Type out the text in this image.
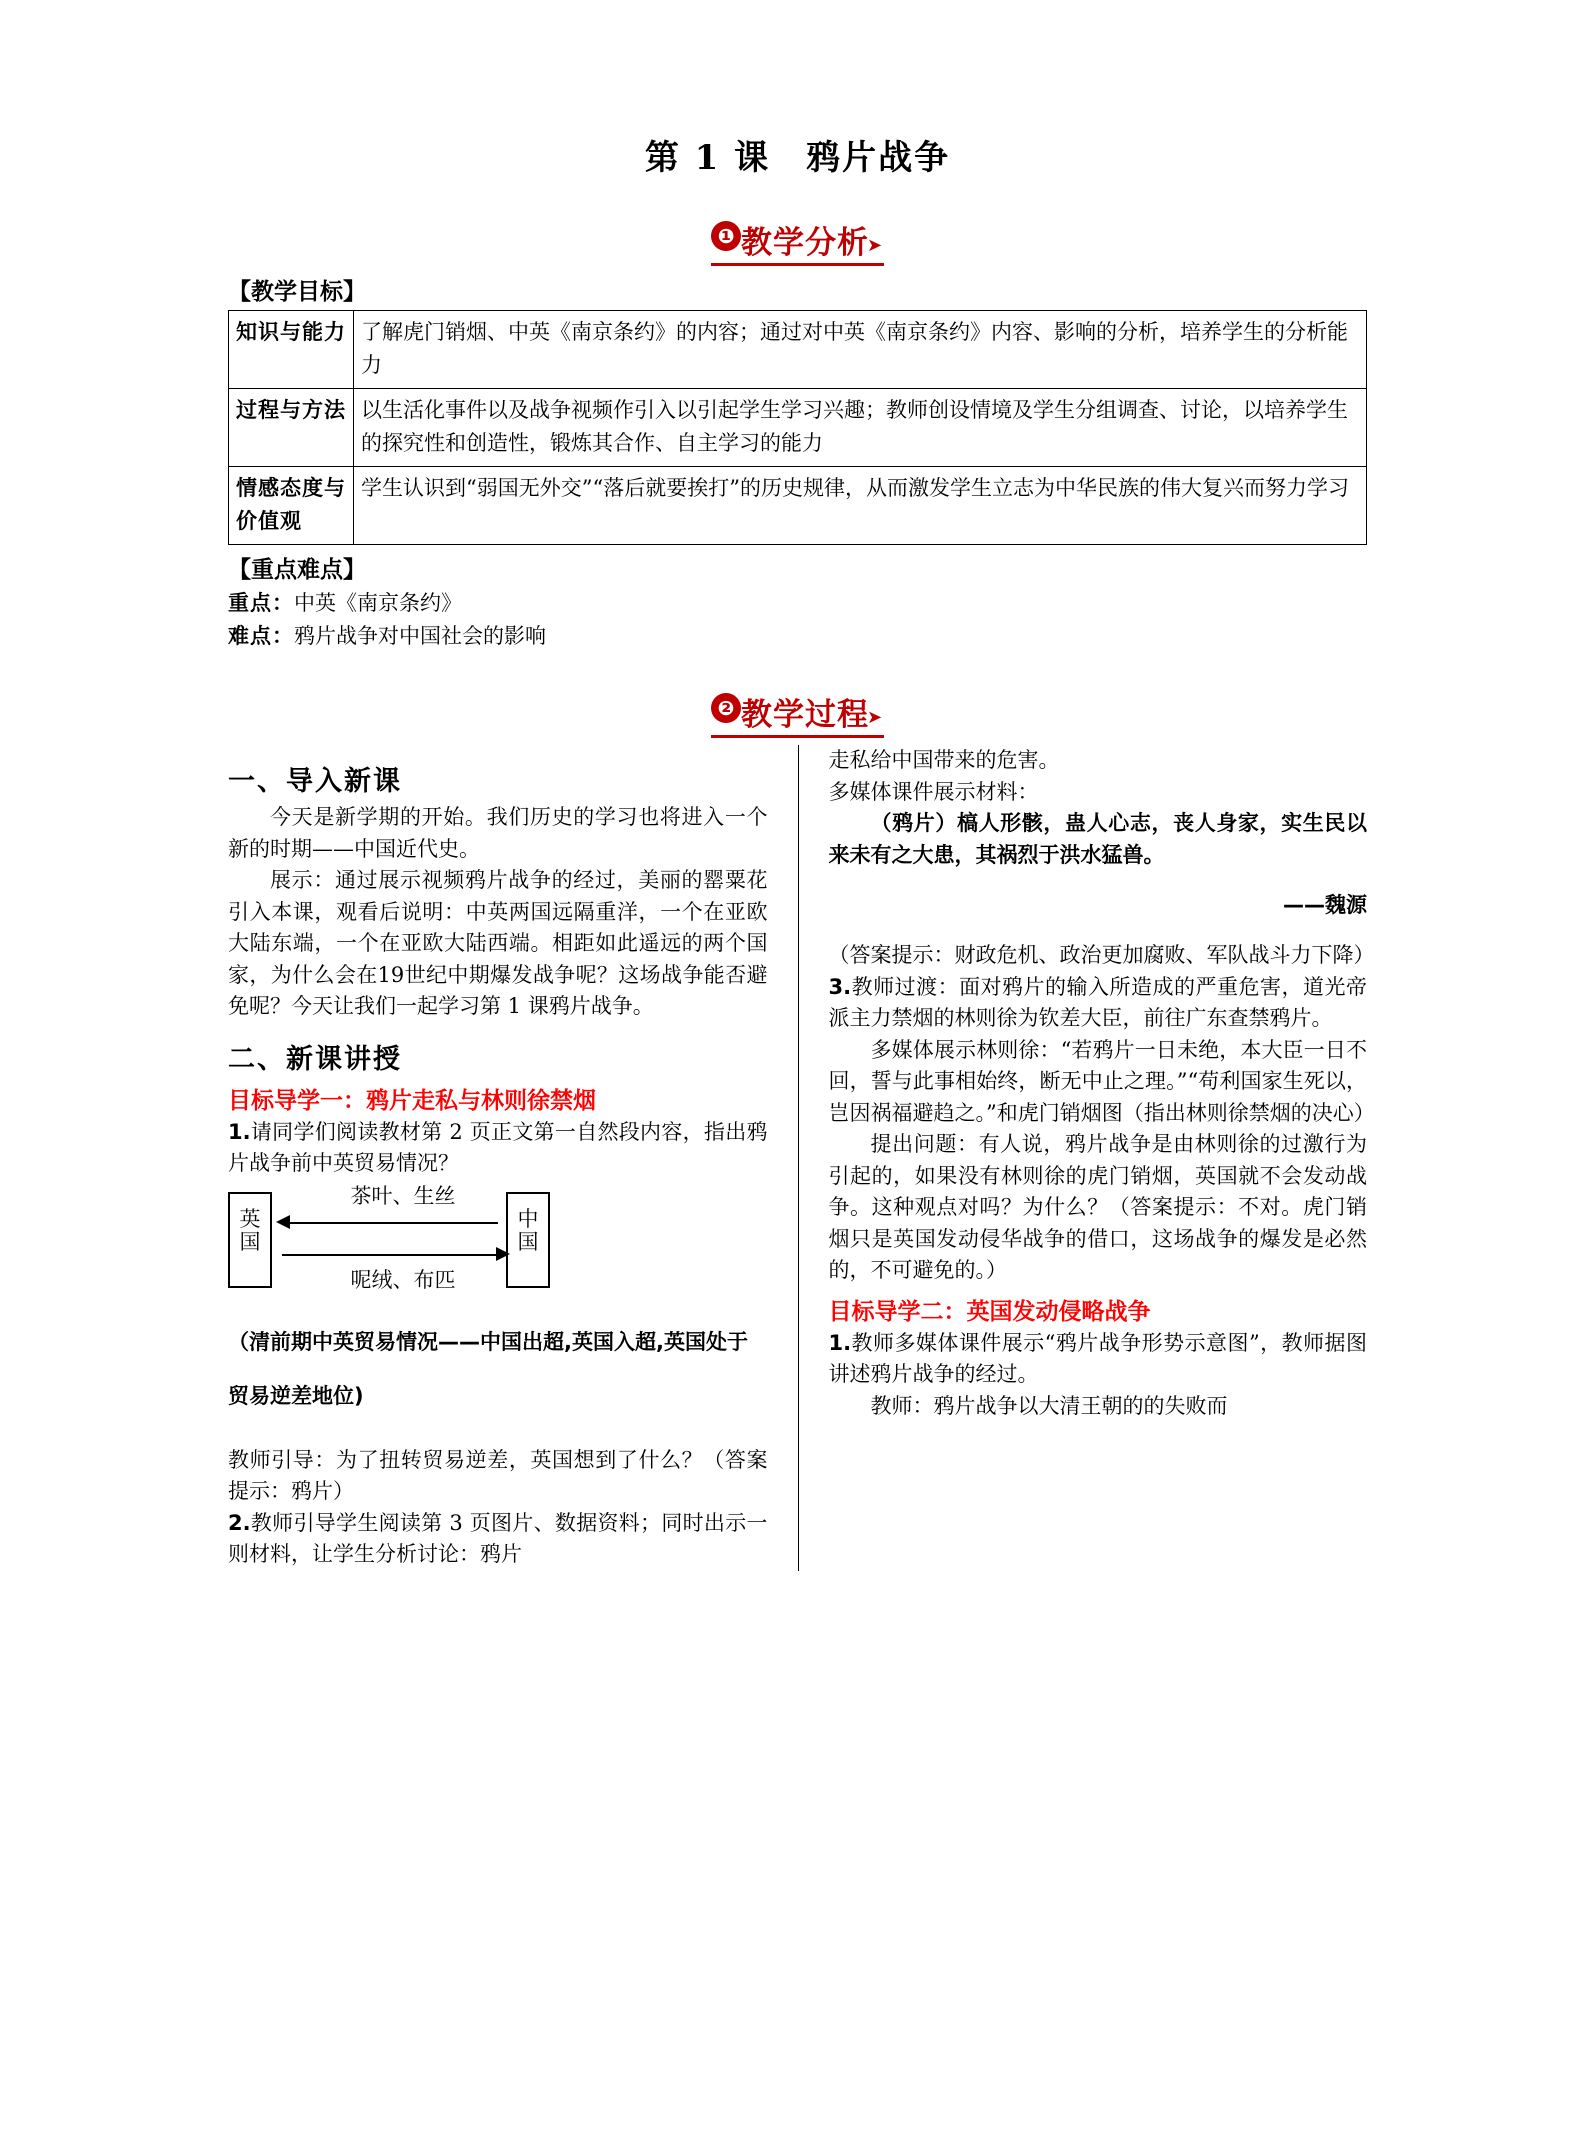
第 1 课　鸦片战争
❶ 教学分析➤
【教学目标】
知识与能力	了解虎门销烟、中英《南京条约》的内容；通过对中英《南京条约》内容、影响的分析，培养学生的分析能力
过程与方法	以生活化事件以及战争视频作引入以引起学生学习兴趣；教师创设情境及学生分组调查、讨论，以培养学生的探究性和创造性，锻炼其合作、自主学习的能力
情感态度与价值观	学生认识到“弱国无外交”“落后就要挨打”的历史规律，从而激发学生立志为中华民族的伟大复兴而努力学习
【重点难点】
重点：中英《南京条约》
难点：鸦片战争对中国社会的影响
❷ 教学过程➤
一、导入新课

今天是新学期的开始。我们历史的学习也将进入一个新的时期——中国近代史。

展示：通过展示视频鸦片战争的经过，美丽的罂粟花引入本课，观看后说明：中英两国远隔重洋，一个在亚欧大陆东端，一个在亚欧大陆西端。相距如此遥远的两个国家，为什么会在19世纪中期爆发战争呢？这场战争能否避免呢？今天让我们一起学习第 1 课鸦片战争。

二、新课讲授
目标导学一：鸦片走私与林则徐禁烟

1.请同学们阅读教材第 2 页正文第一自然段内容，指出鸦片战争前中英贸易情况？

英
国
中
国
茶叶、生丝
呢绒、布匹

（清前期中英贸易情况——中国出超,英国入超,英国处于贸易逆差地位)

教师引导：为了扭转贸易逆差，英国想到了什么？（答案提示：鸦片）

2.教师引导学生阅读第 3 页图片、数据资料；同时出示一则材料，让学生分析讨论：鸦片

走私给中国带来的危害。

多媒体课件展示材料：

（鸦片）槁人形骸，蛊人心志，丧人身家，实生民以来未有之大患，其祸烈于洪水猛兽。

——魏源

（答案提示：财政危机、政治更加腐败、军队战斗力下降）

3.教师过渡：面对鸦片的输入所造成的严重危害，道光帝派主力禁烟的林则徐为钦差大臣，前往广东查禁鸦片。

多媒体展示林则徐：“若鸦片一日未绝，本大臣一日不回，誓与此事相始终，断无中止之理。”“苟利国家生死以，岂因祸福避趋之。”和虎门销烟图（指出林则徐禁烟的决心）

提出问题：有人说，鸦片战争是由林则徐的过激行为引起的，如果没有林则徐的虎门销烟，英国就不会发动战争。这种观点对吗？为什么？（答案提示：不对。虎门销烟只是英国发动侵华战争的借口，这场战争的爆发是必然的，不可避免的。）

目标导学二：英国发动侵略战争

1.教师多媒体课件展示“鸦片战争形势示意图”，教师据图讲述鸦片战争的经过。

教师：鸦片战争以大清王朝的的失败而
